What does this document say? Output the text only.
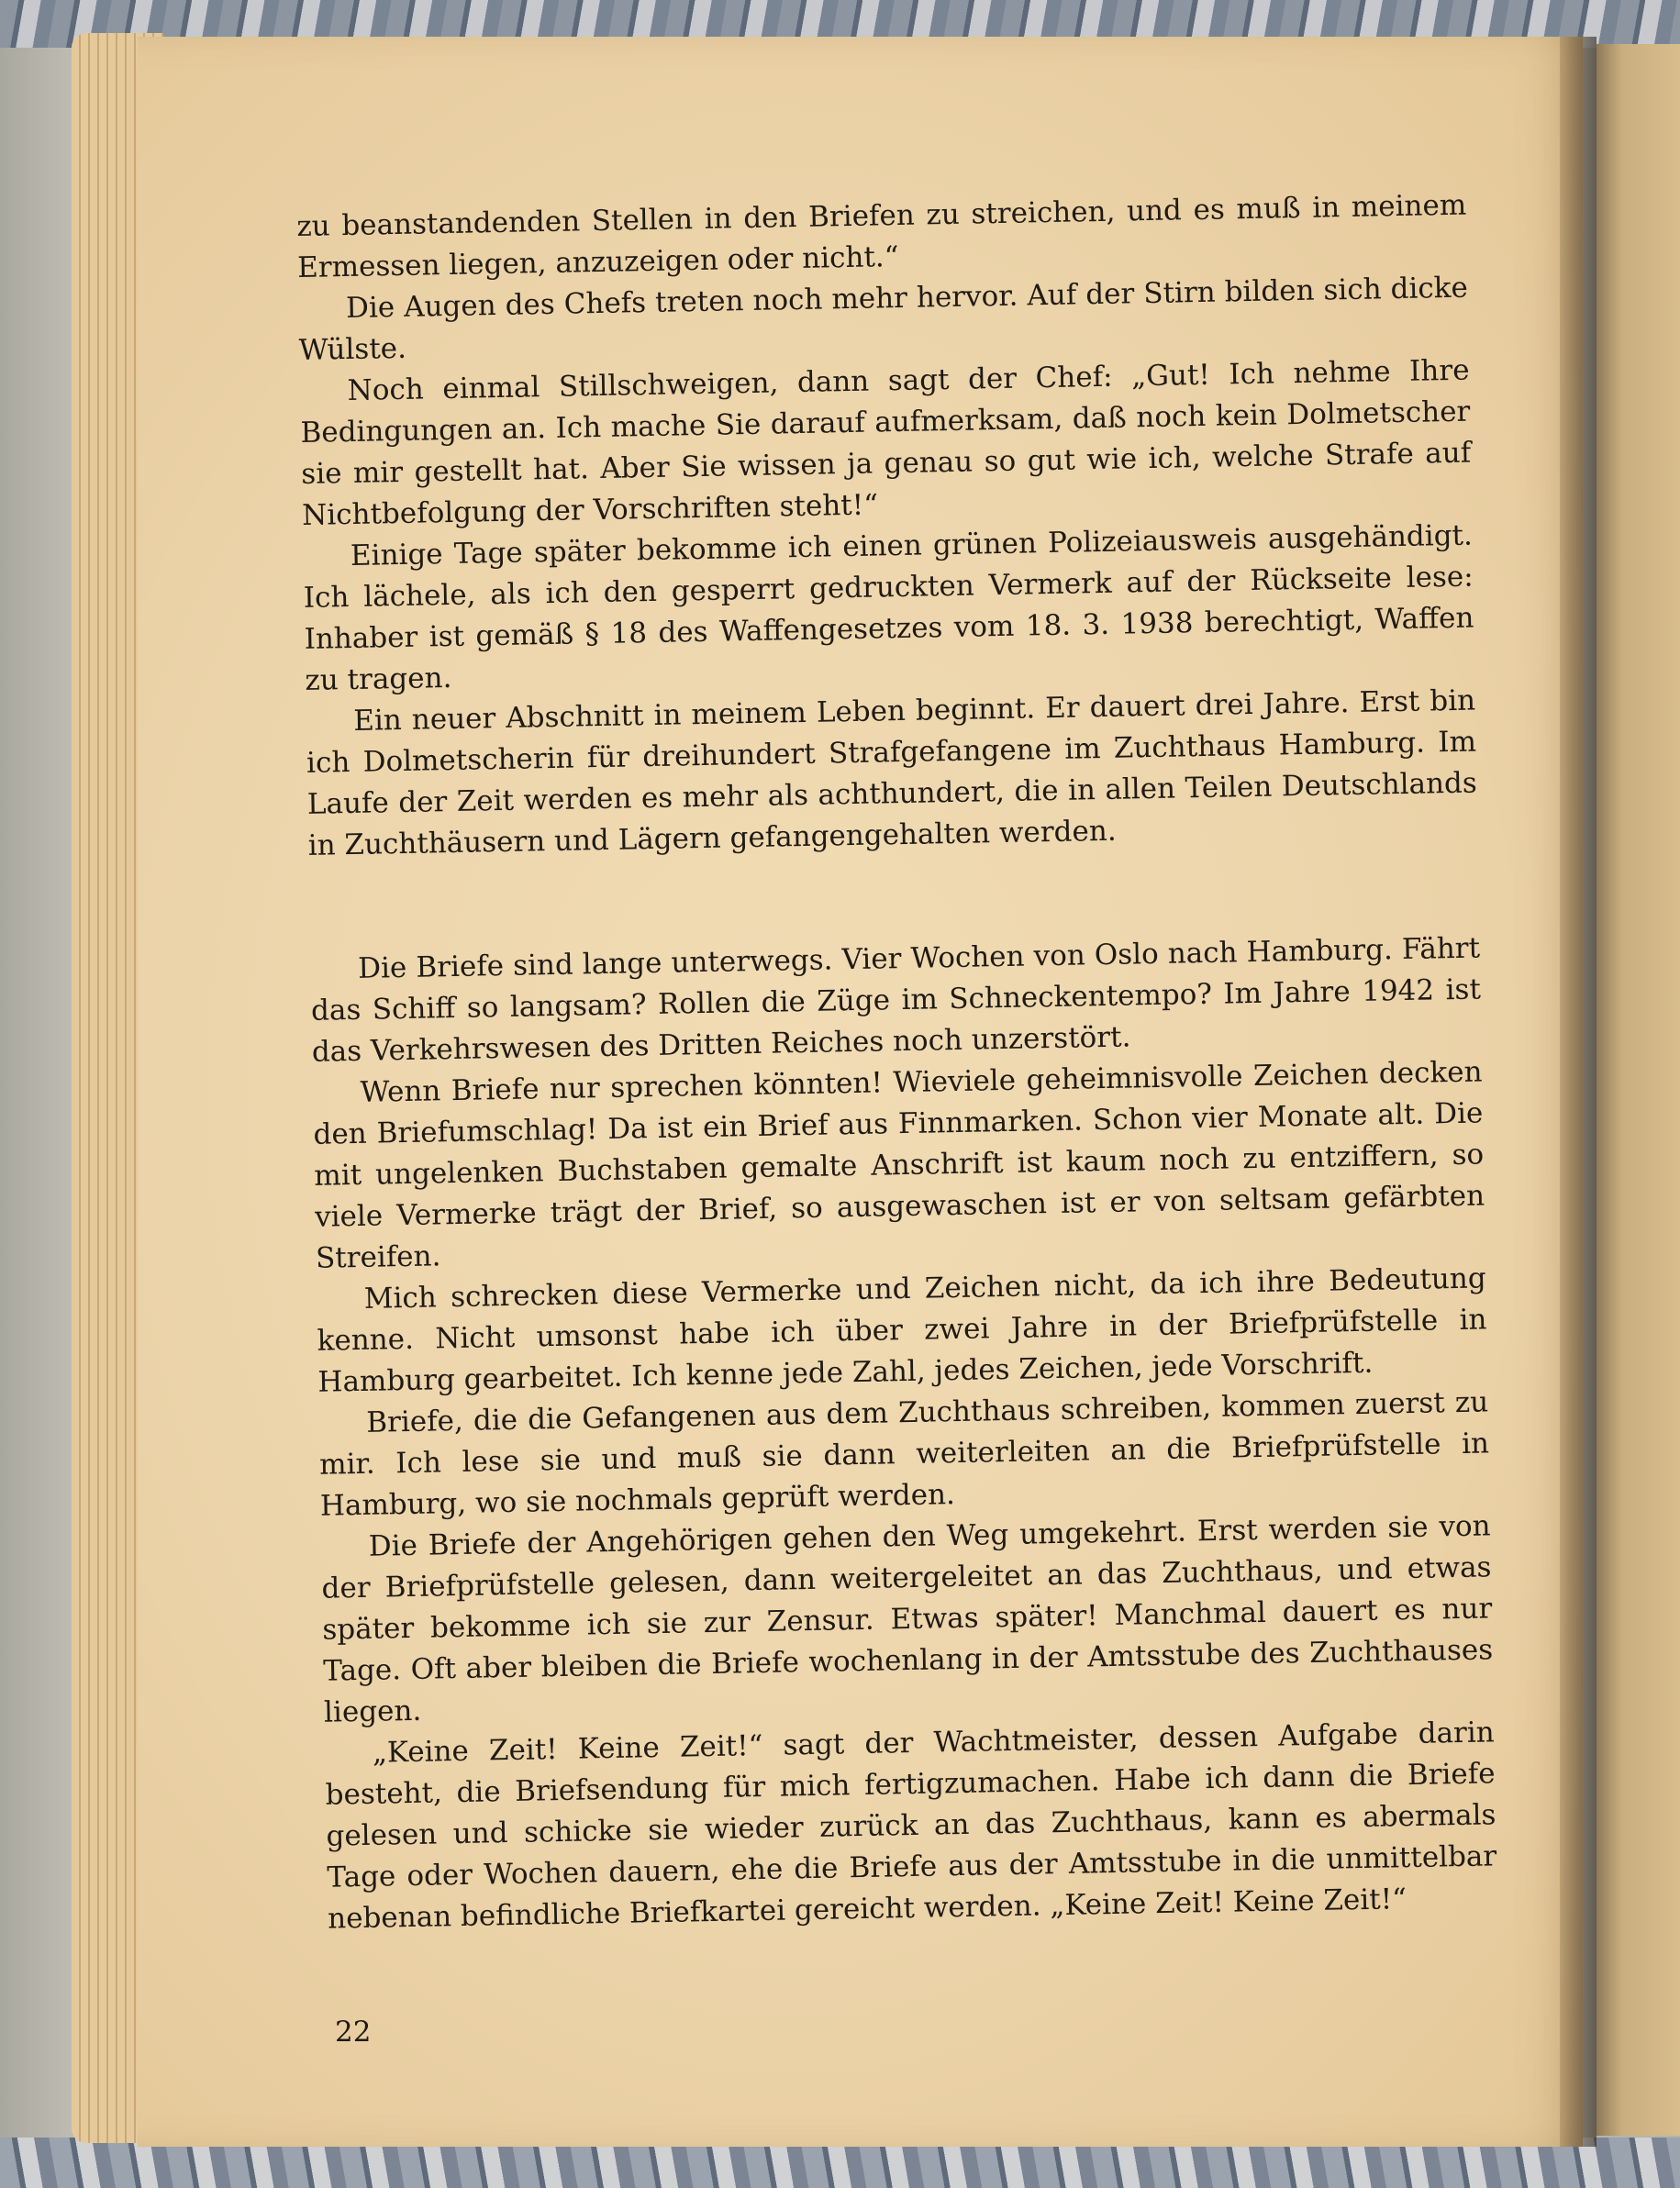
zu beanstandenden Stellen in den Briefen zu streichen, und es muß in meinem Ermessen liegen, anzuzeigen oder nicht.“

Die Augen des Chefs treten noch mehr hervor. Auf der Stirn bilden sich dicke Wülste.

Noch einmal Stillschweigen, dann sagt der Chef: „Gut! Ich nehme Ihre Bedingungen an. Ich mache Sie darauf aufmerksam, daß noch kein Dolmetscher sie mir gestellt hat. Aber Sie wissen ja genau so gut wie ich, welche Strafe auf Nichtbefolgung der Vorschriften steht!“

Einige Tage später bekomme ich einen grünen Polizeiausweis ausgehändigt. Ich lächele, als ich den gesperrt gedruckten Vermerk auf der Rückseite lese: Inhaber ist gemäß § 18 des Waffengesetzes vom 18. 3. 1938 berechtigt, Waffen zu tragen.

Ein neuer Abschnitt in meinem Leben beginnt. Er dauert drei Jahre. Erst bin ich Dolmetscherin für dreihundert Strafgefangene im Zuchthaus Hamburg. Im Laufe der Zeit werden es mehr als achthundert, die in allen Teilen Deutschlands in Zuchthäusern und Lägern gefangengehalten werden.

Die Briefe sind lange unterwegs. Vier Wochen von Oslo nach Hamburg. Fährt das Schiff so langsam? Rollen die Züge im Schneckentempo? Im Jahre 1942 ist das Verkehrswesen des Dritten Reiches noch unzerstört.

Wenn Briefe nur sprechen könnten! Wieviele geheimnisvolle Zeichen decken den Briefumschlag! Da ist ein Brief aus Finnmarken. Schon vier Monate alt. Die mit ungelenken Buchstaben gemalte Anschrift ist kaum noch zu entziffern, so viele Vermerke trägt der Brief, so ausgewaschen ist er von seltsam gefärbten Streifen.

Mich schrecken diese Vermerke und Zeichen nicht, da ich ihre Bedeutung kenne. Nicht umsonst habe ich über zwei Jahre in der Briefprüfstelle in Hamburg gearbeitet. Ich kenne jede Zahl, jedes Zeichen, jede Vorschrift.

Briefe, die die Gefangenen aus dem Zuchthaus schreiben, kommen zuerst zu mir. Ich lese sie und muß sie dann weiterleiten an die Briefprüfstelle in Hamburg, wo sie nochmals geprüft werden.

Die Briefe der Angehörigen gehen den Weg umgekehrt. Erst werden sie von der Briefprüfstelle gelesen, dann weitergeleitet an das Zuchthaus, und etwas später bekomme ich sie zur Zensur. Etwas später! Manchmal dauert es nur Tage. Oft aber bleiben die Briefe wochenlang in der Amtsstube des Zuchthauses liegen.

„Keine Zeit! Keine Zeit!“ sagt der Wachtmeister, dessen Aufgabe darin besteht, die Briefsendung für mich fertigzumachen. Habe ich dann die Briefe gelesen und schicke sie wieder zurück an das Zuchthaus, kann es abermals Tage oder Wochen dauern, ehe die Briefe aus der Amtsstube in die unmittelbar nebenan befindliche Briefkartei gereicht werden. „Keine Zeit! Keine Zeit!“

22
